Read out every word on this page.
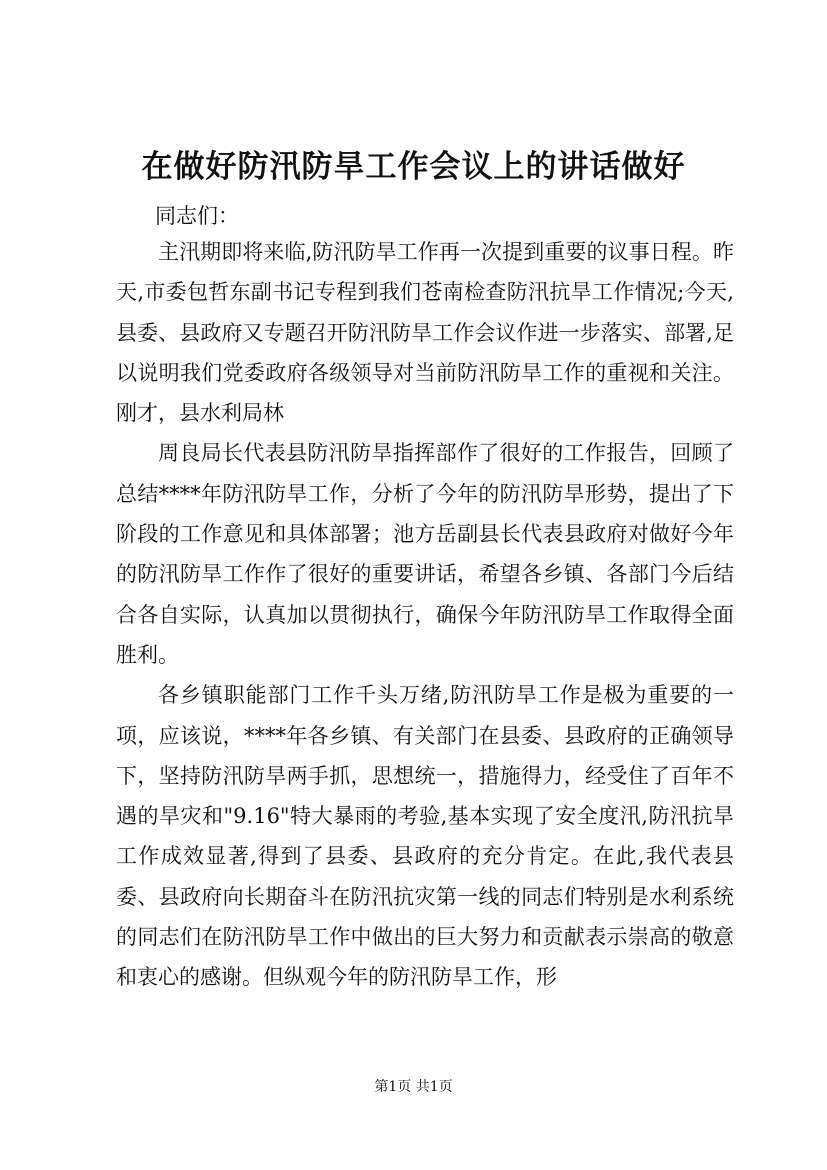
在做好防汛防旱工作会议上的讲话做好
同志们：

主汛期即将来临,防汛防旱工作再一次提到重要的议事日程。昨天,市委包哲东副书记专程到我们苍南检查防汛抗旱工作情况;今天,县委、县政府又专题召开防汛防旱工作会议作进一步落实、部署,足以说明我们党委政府各级领导对当前防汛防旱工作的重视和关注。刚才，县水利局林

周良局长代表县防汛防旱指挥部作了很好的工作报告，回顾了总结****年防汛防旱工作，分析了今年的防汛防旱形势，提出了下阶段的工作意见和具体部署；池方岳副县长代表县政府对做好今年的防汛防旱工作作了很好的重要讲话，希望各乡镇、各部门今后结合各自实际，认真加以贯彻执行，确保今年防汛防旱工作取得全面胜利。

各乡镇职能部门工作千头万绪,防汛防旱工作是极为重要的一项，应该说，****年各乡镇、有关部门在县委、县政府的正确领导下，坚持防汛防旱两手抓，思想统一，措施得力，经受住了百年不遇的旱灾和"9.16"特大暴雨的考验,基本实现了安全度汛,防汛抗旱工作成效显著,得到了县委、县政府的充分肯定。在此,我代表县委、县政府向长期奋斗在防汛抗灾第一线的同志们特别是水利系统的同志们在防汛防旱工作中做出的巨大努力和贡献表示崇高的敬意和衷心的感谢。但纵观今年的防汛防旱工作，形

第1页 共1页
